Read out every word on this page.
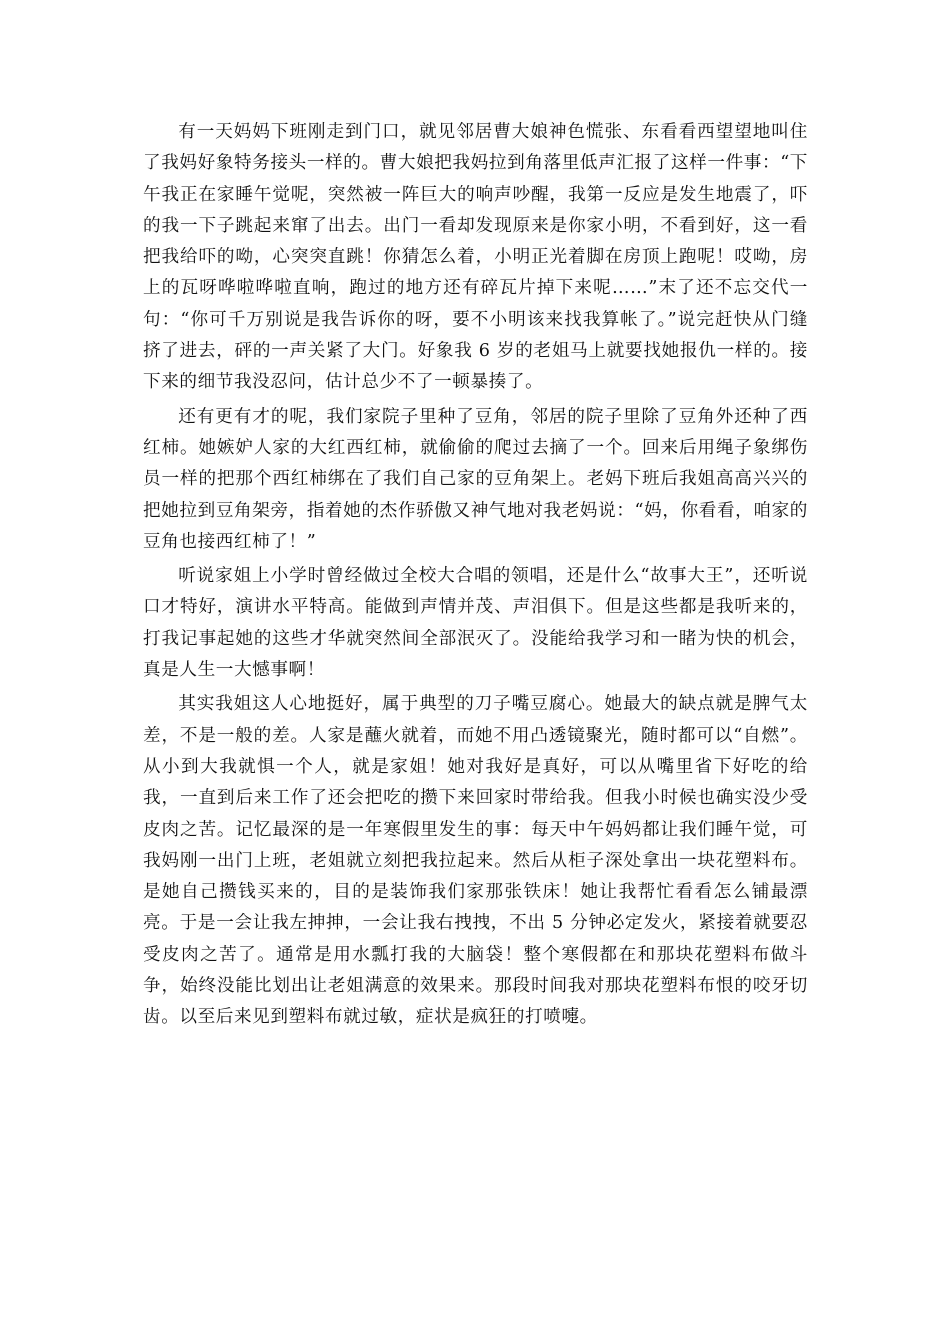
有一天妈妈下班刚走到门口，就见邻居曹大娘神色慌张、东看看西望望地叫住了我妈好象特务接头一样的。曹大娘把我妈拉到角落里低声汇报了这样一件事：“下午我正在家睡午觉呢，突然被一阵巨大的响声吵醒，我第一反应是发生地震了，吓的我一下子跳起来窜了出去。出门一看却发现原来是你家小明，不看到好，这一看把我给吓的呦，心突突直跳！你猜怎么着，小明正光着脚在房顶上跑呢！哎呦，房上的瓦呀哗啦哗啦直响，跑过的地方还有碎瓦片掉下来呢……”末了还不忘交代一句：“你可千万别说是我告诉你的呀，要不小明该来找我算帐了。”说完赶快从门缝挤了进去，砰的一声关紧了大门。好象我 6 岁的老姐马上就要找她报仇一样的。接下来的细节我没忍问，估计总少不了一顿暴揍了。

还有更有才的呢，我们家院子里种了豆角，邻居的院子里除了豆角外还种了西红柿。她嫉妒人家的大红西红柿，就偷偷的爬过去摘了一个。回来后用绳子象绑伤员一样的把那个西红柿绑在了我们自己家的豆角架上。老妈下班后我姐高高兴兴的把她拉到豆角架旁，指着她的杰作骄傲又神气地对我老妈说：“妈，你看看，咱家的豆角也接西红柿了！”

听说家姐上小学时曾经做过全校大合唱的领唱，还是什么“故事大王”，还听说口才特好，演讲水平特高。能做到声情并茂、声泪俱下。但是这些都是我听来的，打我记事起她的这些才华就突然间全部泯灭了。没能给我学习和一睹为快的机会，真是人生一大憾事啊！

其实我姐这人心地挺好，属于典型的刀子嘴豆腐心。她最大的缺点就是脾气太差，不是一般的差。人家是蘸火就着，而她不用凸透镜聚光，随时都可以“自燃”。从小到大我就惧一个人，就是家姐！她对我好是真好，可以从嘴里省下好吃的给我，一直到后来工作了还会把吃的攒下来回家时带给我。但我小时候也确实没少受皮肉之苦。记忆最深的是一年寒假里发生的事：每天中午妈妈都让我们睡午觉，可我妈刚一出门上班，老姐就立刻把我拉起来。然后从柜子深处拿出一块花塑料布。是她自己攒钱买来的，目的是装饰我们家那张铁床！她让我帮忙看看怎么铺最漂亮。于是一会让我左抻抻，一会让我右拽拽，不出 5 分钟必定发火，紧接着就要忍受皮肉之苦了。通常是用水瓢打我的大脑袋！整个寒假都在和那块花塑料布做斗争，始终没能比划出让老姐满意的效果来。那段时间我对那块花塑料布恨的咬牙切齿。以至后来见到塑料布就过敏，症状是疯狂的打喷嚏。
